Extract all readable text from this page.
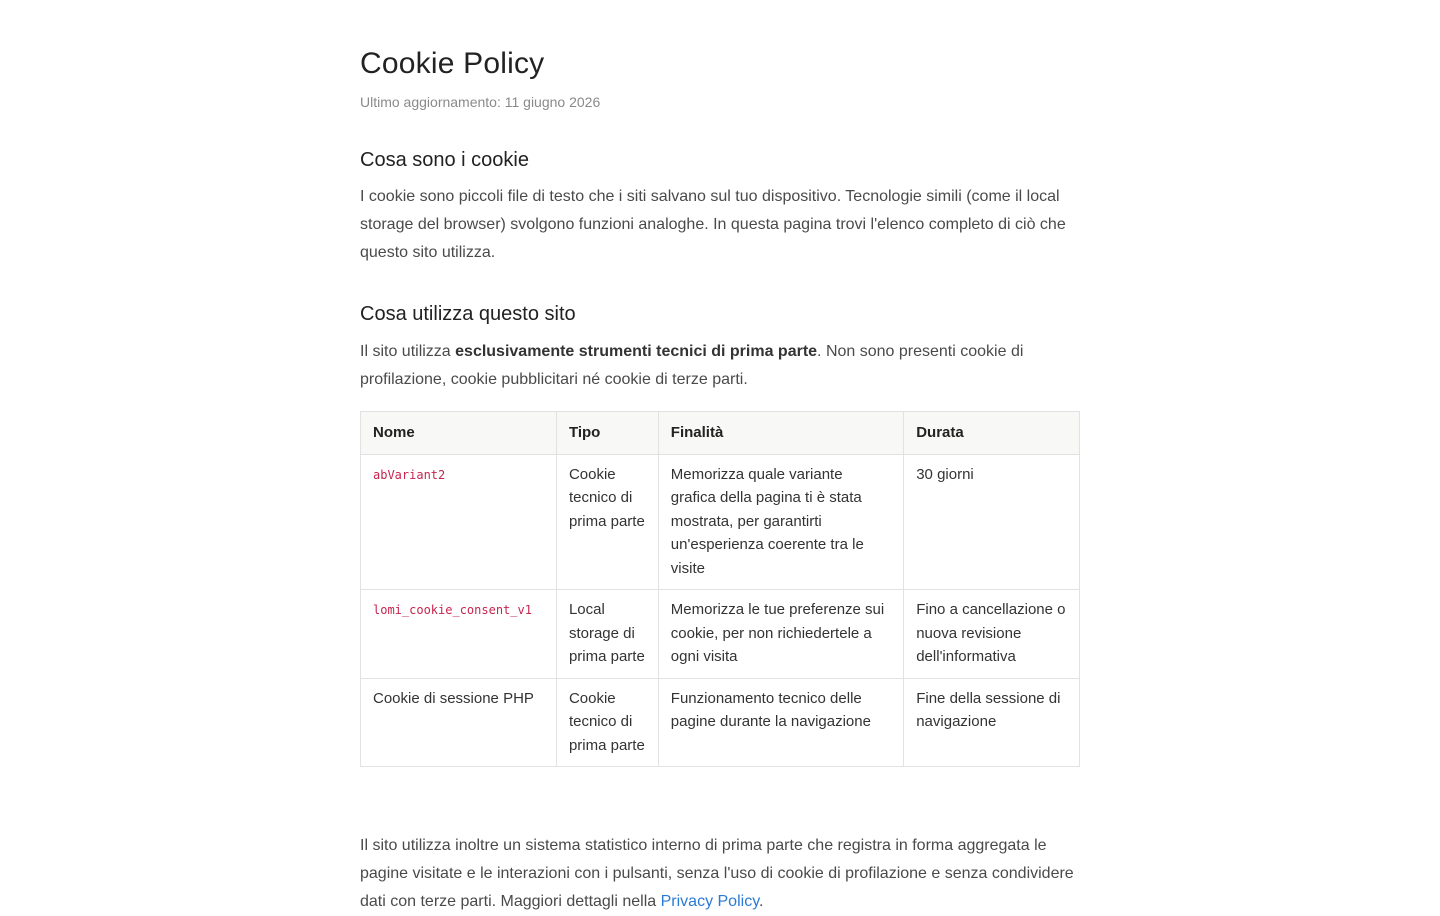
Cookie Policy
Ultimo aggiornamento: 11 giugno 2026
Cosa sono i cookie

I cookie sono piccoli file di testo che i siti salvano sul tuo dispositivo. Tecnologie simili (come il local storage del browser) svolgono funzioni analoghe. In questa pagina trovi l'elenco completo di ciò che questo sito utilizza.

Cosa utilizza questo sito

Il sito utilizza esclusivamente strumenti tecnici di prima parte. Non sono presenti cookie di profilazione, cookie pubblicitari né cookie di terze parti.

Nome	Tipo	Finalità	Durata
abVariant2	Cookie tecnico di prima parte	Memorizza quale variante grafica della pagina ti è stata mostrata, per garantirti un'esperienza coerente tra le visite	30 giorni
lomi_cookie_consent_v1	Local storage di prima parte	Memorizza le tue preferenze sui cookie, per non richiedertele a ogni visita	Fino a cancellazione o nuova revisione dell'informativa
Cookie di sessione PHP	Cookie tecnico di prima parte	Funzionamento tecnico delle pagine durante la navigazione	Fine della sessione di navigazione

Il sito utilizza inoltre un sistema statistico interno di prima parte che registra in forma aggregata le pagine visitate e le interazioni con i pulsanti, senza l'uso di cookie di profilazione e senza condividere dati con terze parti. Maggiori dettagli nella Privacy Policy.
